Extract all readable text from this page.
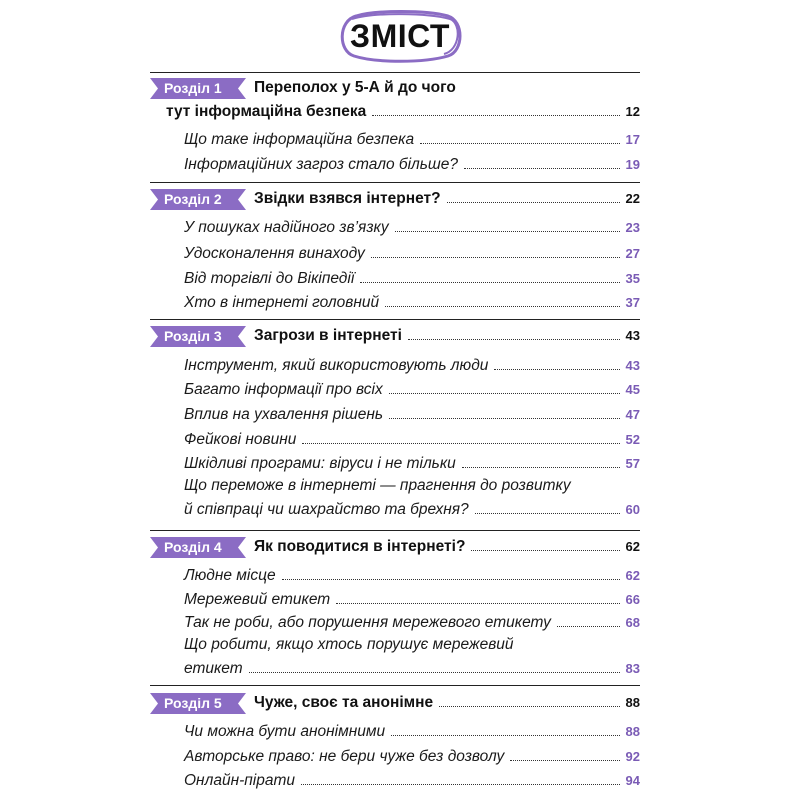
ЗМІСТ
Розділ 1	Переполох у 5-А й до чого
тут інформаційна безпека	12
Що таке інформаційна безпека	17
Інформаційних загроз стало більше?	19
Розділ 2	Звідки взявся інтернет?	22
У пошуках надійного зв’язку	23
Удосконалення винаходу	27
Від торгівлі до Вікіпедії	35
Хто в інтернеті головний	37
Розділ 3	Загрози в інтернеті	43
Інструмент, який використовують люди	43
Багато інформації про всіх	45
Вплив на ухвалення рішень	47
Фейкові новини	52
Шкідливі програми: віруси і не тільки	57
Що переможе в інтернеті — прагнення до розвитку
й співпраці чи шахрайство та брехня?	60
Розділ 4	Як поводитися в інтернеті?	62
Людне місце	62
Мережевий етикет	66
Так не роби, або порушення мережевого етикету	68
Що робити, якщо хтось порушує мережевий
етикет	83
Розділ 5	Чуже, своє та анонімне	88
Чи можна бути анонімними	88
Авторське право: не бери чуже без дозволу	92
Онлайн-пірати	94
